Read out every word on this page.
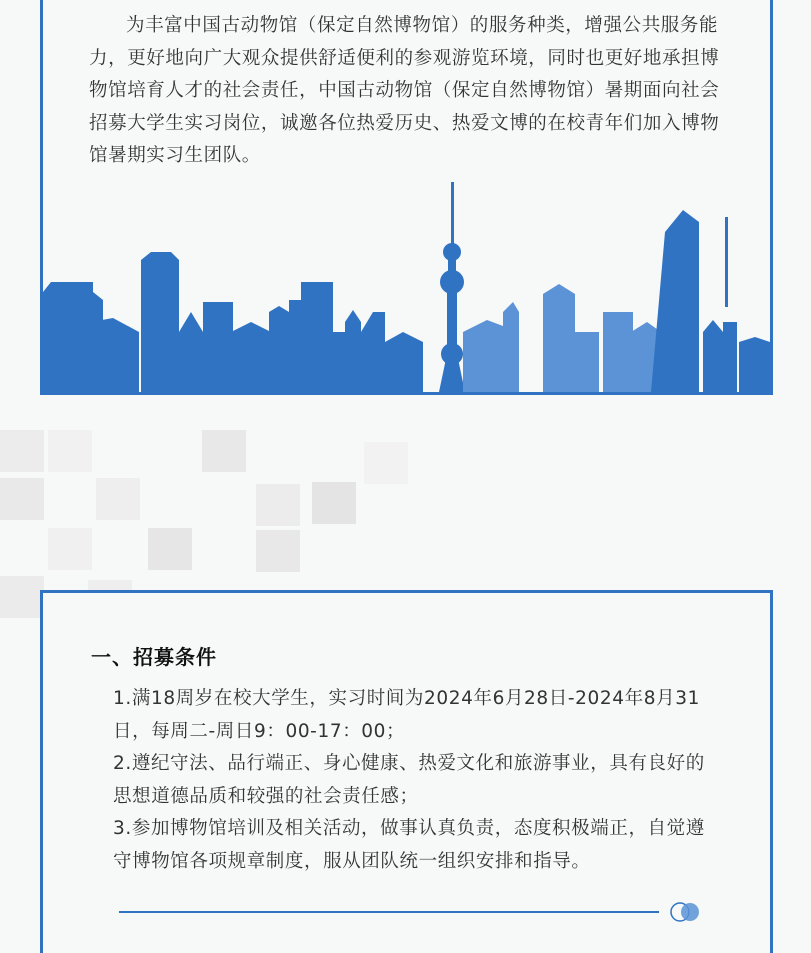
为丰富中国古动物馆（保定自然博物馆）的服务种类，增强公共服务能力，更好地向广大观众提供舒适便利的参观游览环境，同时也更好地承担博物馆培育人才的社会责任，中国古动物馆（保定自然博物馆）暑期面向社会招募大学生实习岗位，诚邀各位热爱历史、热爱文博的在校青年们加入博物馆暑期实习生团队。

一、招募条件
1.满18周岁在校大学生，实习时间为2024年6月28日-2024年8月31日，每周二-周日9：00-17：00；
2.遵纪守法、品行端正、身心健康、热爱文化和旅游事业，具有良好的思想道德品质和较强的社会责任感；
3.参加博物馆培训及相关活动，做事认真负责，态度积极端正，自觉遵守博物馆各项规章制度，服从团队统一组织安排和指导。
